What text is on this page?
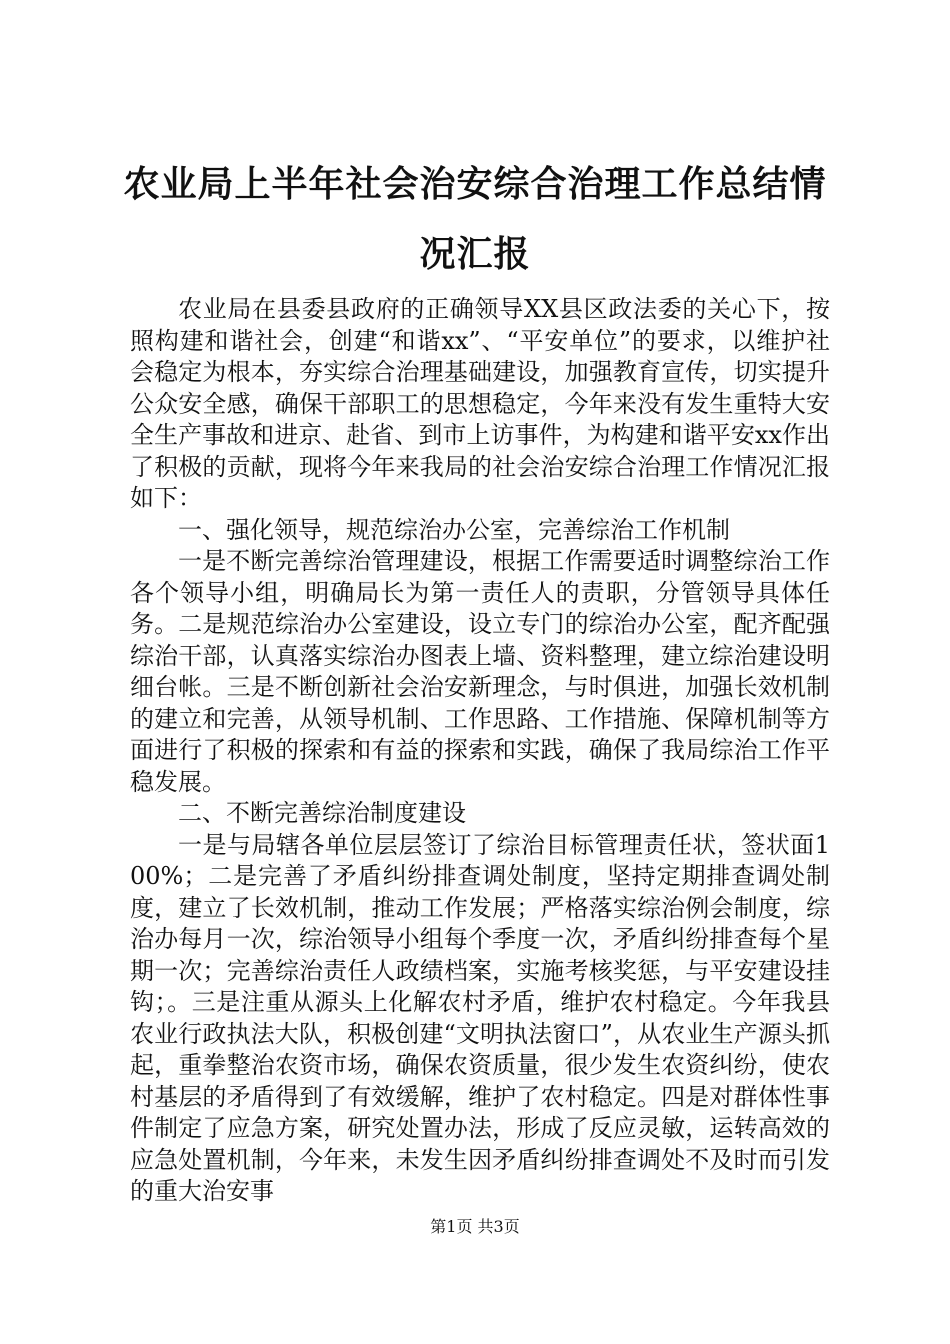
农业局上半年社会治安综合治理工作总结情况汇报

农业局在县委县政府的正确领导XX县区政法委的关心下，按照构建和谐社会，创建“和谐xx”、“平安单位”的要求，以维护社会稳定为根本，夯实综合治理基础建设，加强教育宣传，切实提升公众安全感，确保干部职工的思想稳定，今年来没有发生重特大安全生产事故和进京、赴省、到市上访事件，为构建和谐平安xx作出了积极的贡献，现将今年来我局的社会治安综合治理工作情况汇报如下：

一、强化领导，规范综治办公室，完善综治工作机制

一是不断完善综治管理建设，根据工作需要适时调整综治工作各个领导小组，明确局长为第一责任人的责职，分管领导具体任务。二是规范综治办公室建设，设立专门的综治办公室，配齐配强综治干部，认真落实综治办图表上墙、资料整理，建立综治建设明细台帐。三是不断创新社会治安新理念，与时俱进，加强长效机制的建立和完善，从领导机制、工作思路、工作措施、保障机制等方面进行了积极的探索和有益的探索和实践，确保了我局综治工作平稳发展。

二、不断完善综治制度建设

一是与局辖各单位层层签订了综治目标管理责任状，签状面100%；二是完善了矛盾纠纷排查调处制度，坚持定期排查调处制度，建立了长效机制，推动工作发展；严格落实综治例会制度，综治办每月一次，综治领导小组每个季度一次，矛盾纠纷排查每个星期一次；完善综治责任人政绩档案，实施考核奖惩，与平安建设挂钩；。三是注重从源头上化解农村矛盾，维护农村稳定。今年我县农业行政执法大队，积极创建“文明执法窗口”，从农业生产源头抓起，重拳整治农资市场，确保农资质量，很少发生农资纠纷，使农村基层的矛盾得到了有效缓解，维护了农村稳定。四是对群体性事件制定了应急方案，研究处置办法，形成了反应灵敏，运转高效的应急处置机制，今年来，未发生因矛盾纠纷排查调处不及时而引发的重大治安事

第1页 共3页
